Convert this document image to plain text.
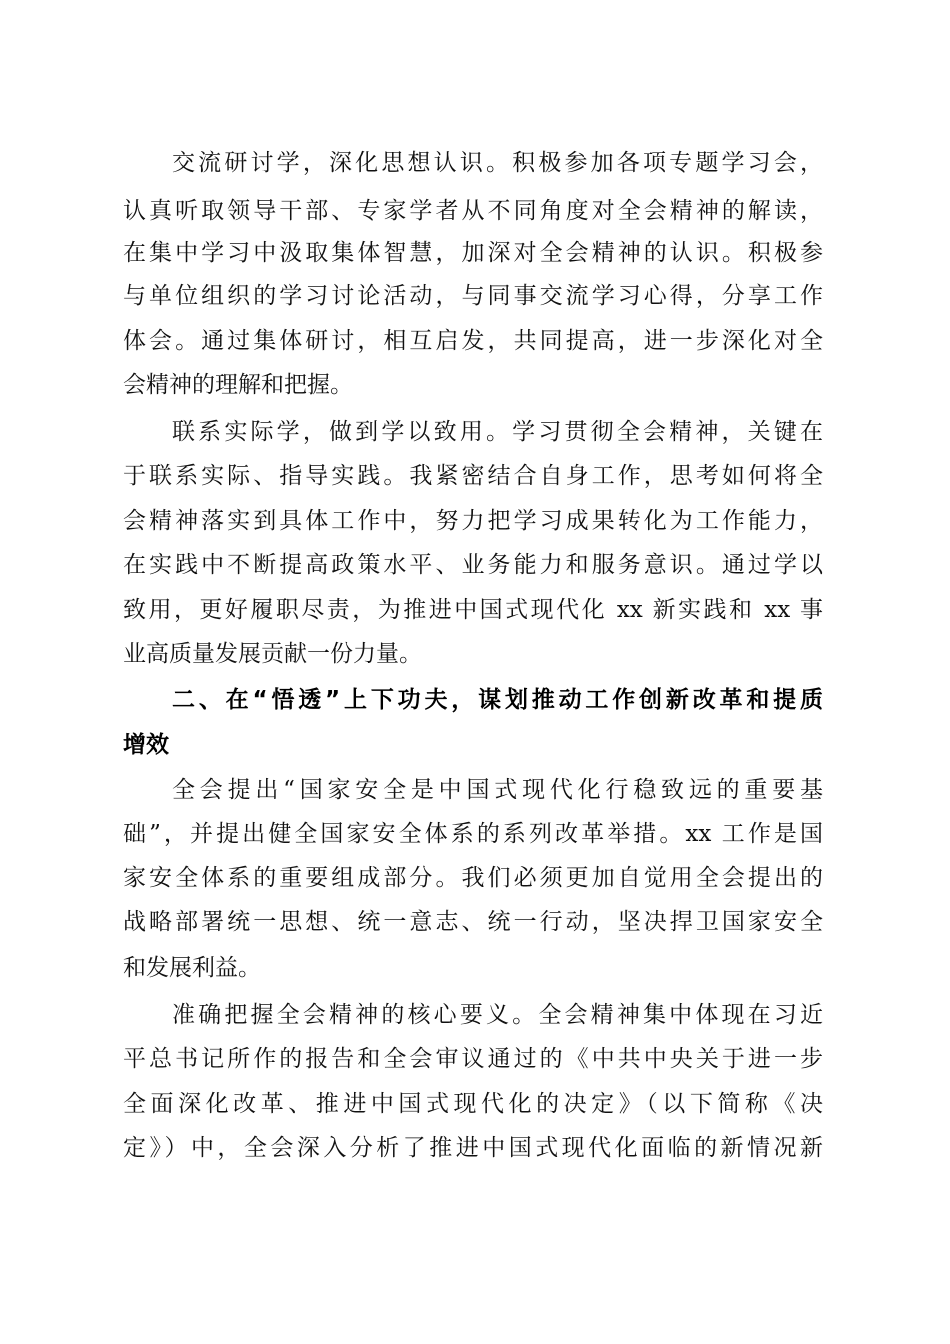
交流研讨学，深化思想认识。积极参加各项专题学习会，
认真听取领导干部、专家学者从不同角度对全会精神的解读，
在集中学习中汲取集体智慧，加深对全会精神的认识。积极参
与单位组织的学习讨论活动，与同事交流学习心得，分享工作
体会。通过集体研讨，相互启发，共同提高，进一步深化对全
会精神的理解和把握。
联系实际学，做到学以致用。学习贯彻全会精神，关键在
于联系实际、指导实践。我紧密结合自身工作，思考如何将全
会精神落实到具体工作中，努力把学习成果转化为工作能力，
在实践中不断提高政策水平、业务能力和服务意识。通过学以
致用，更好履职尽责，为推进中国式现代化 xx 新实践和 xx 事
业高质量发展贡献一份力量。
二、在“悟透”上下功夫，谋划推动工作创新改革和提质
增效
全会提出“国家安全是中国式现代化行稳致远的重要基
础”，并提出健全国家安全体系的系列改革举措。xx 工作是国
家安全体系的重要组成部分。我们必须更加自觉用全会提出的
战略部署统一思想、统一意志、统一行动，坚决捍卫国家安全
和发展利益。
准确把握全会精神的核心要义。全会精神集中体现在习近
平总书记所作的报告和全会审议通过的《中共中央关于进一步
全面深化改革、推进中国式现代化的决定》（以下简称《决
定》）中，全会深入分析了推进中国式现代化面临的新情况新
